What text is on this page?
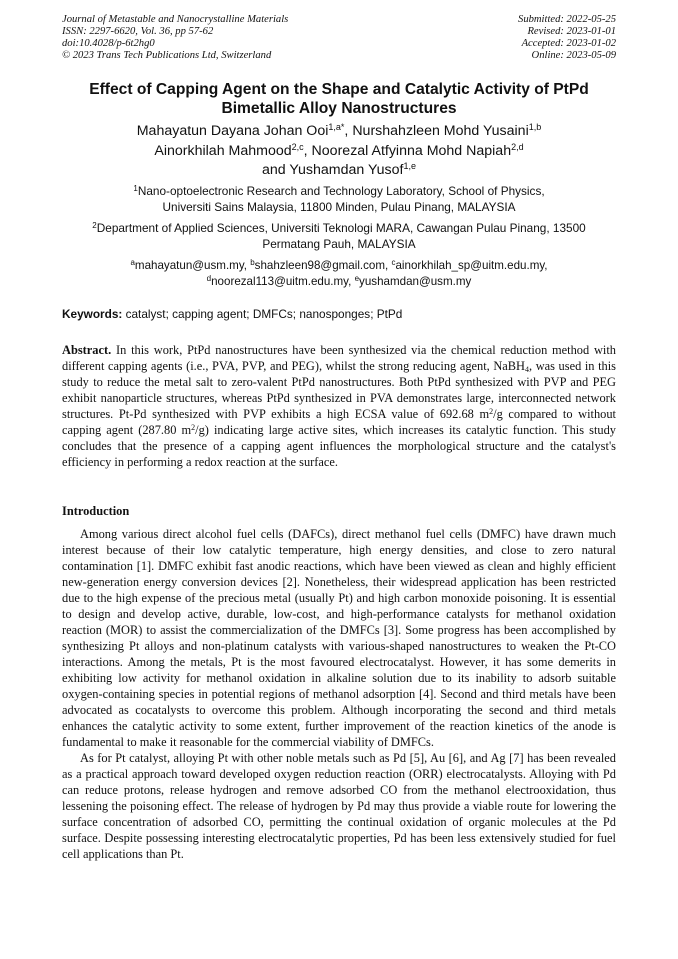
Journal of Metastable and Nanocrystalline Materials
ISSN: 2297-6620, Vol. 36, pp 57-62
doi:10.4028/p-6t2hg0
© 2023 Trans Tech Publications Ltd, Switzerland
Submitted: 2022-05-25
Revised: 2023-01-01
Accepted: 2023-01-02
Online: 2023-05-09
Effect of Capping Agent on the Shape and Catalytic Activity of PtPd
Bimetallic Alloy Nanostructures
Mahayatun Dayana Johan Ooi$^{1,a*}$, Nurshahzleen Mohd Yusaini$^{1,b}$
Ainorkhilah Mahmood$^{2,c}$, Noorezal Atfyinna Mohd Napiah$^{2,d}$
and Yushamdan Yusof$^{1,e}$
$^1$Nano-optoelectronic Research and Technology Laboratory, School of Physics,
Universiti Sains Malaysia, 11800 Minden, Pulau Pinang, MALAYSIA
$^2$Department of Applied Sciences, Universiti Teknologi MARA, Cawangan Pulau Pinang, 13500
Permatang Pauh, MALAYSIA
$^a$mahayatun@usm.my, $^b$shahzleen98@gmail.com, $^c$ainorkhilah_sp@uitm.edu.my,
$^d$noorezal113@uitm.edu.my, $^e$yushamdan@usm.my
Keywords: catalyst; capping agent; DMFCs; nanosponges; PtPd
Abstract. In this work, PtPd nanostructures have been synthesized via the chemical reduction method with different capping agents (i.e., PVA, PVP, and PEG), whilst the strong reducing agent, NaBH$_4$, was used in this study to reduce the metal salt to zero-valent PtPd nanostructures. Both PtPd synthesized with PVP and PEG exhibit nanoparticle structures, whereas PtPd synthesized in PVA demonstrates large, interconnected network structures. Pt-Pd synthesized with PVP exhibits a high ECSA value of 692.68 $m^2/g$ compared to without capping agent (287.80 $m^2/g$) indicating large active sites, which increases its catalytic function. This study concludes that the presence of a capping agent influences the morphological structure and the catalyst's efficiency in performing a redox reaction at the surface.
Introduction

Among various direct alcohol fuel cells (DAFCs), direct methanol fuel cells (DMFC) have drawn much interest because of their low catalytic temperature, high energy densities, and close to zero natural contamination [1]. DMFC exhibit fast anodic reactions, which have been viewed as clean and highly efficient new-generation energy conversion devices [2]. Nonetheless, their widespread application has been restricted due to the high expense of the precious metal (usually Pt) and high carbon monoxide poisoning. It is essential to design and develop active, durable, low-cost, and high-performance catalysts for methanol oxidation reaction (MOR) to assist the commercialization of the DMFCs [3]. Some progress has been accomplished by synthesizing Pt alloys and non-platinum catalysts with various-shaped nanostructures to weaken the Pt-CO interactions. Among the metals, Pt is the most favoured electrocatalyst. However, it has some demerits in exhibiting low activity for methanol oxidation in alkaline solution due to its inability to adsorb suitable oxygen-containing species in potential regions of methanol adsorption [4]. Second and third metals have been advocated as cocatalysts to overcome this problem. Although incorporating the second and third metals enhances the catalytic activity to some extent, further improvement of the reaction kinetics of the anode is fundamental to make it reasonable for the commercial viability of DMFCs.

As for Pt catalyst, alloying Pt with other noble metals such as Pd [5], Au [6], and Ag [7] has been revealed as a practical approach toward developed oxygen reduction reaction (ORR) electrocatalysts. Alloying with Pd can reduce protons, release hydrogen and remove adsorbed CO from the methanol electrooxidation, thus lessening the poisoning effect. The release of hydrogen by Pd may thus provide a viable route for lowering the surface concentration of adsorbed CO, permitting the continual oxidation of organic molecules at the Pd surface. Despite possessing interesting electrocatalytic properties, Pd has been less extensively studied for fuel cell applications than Pt.
